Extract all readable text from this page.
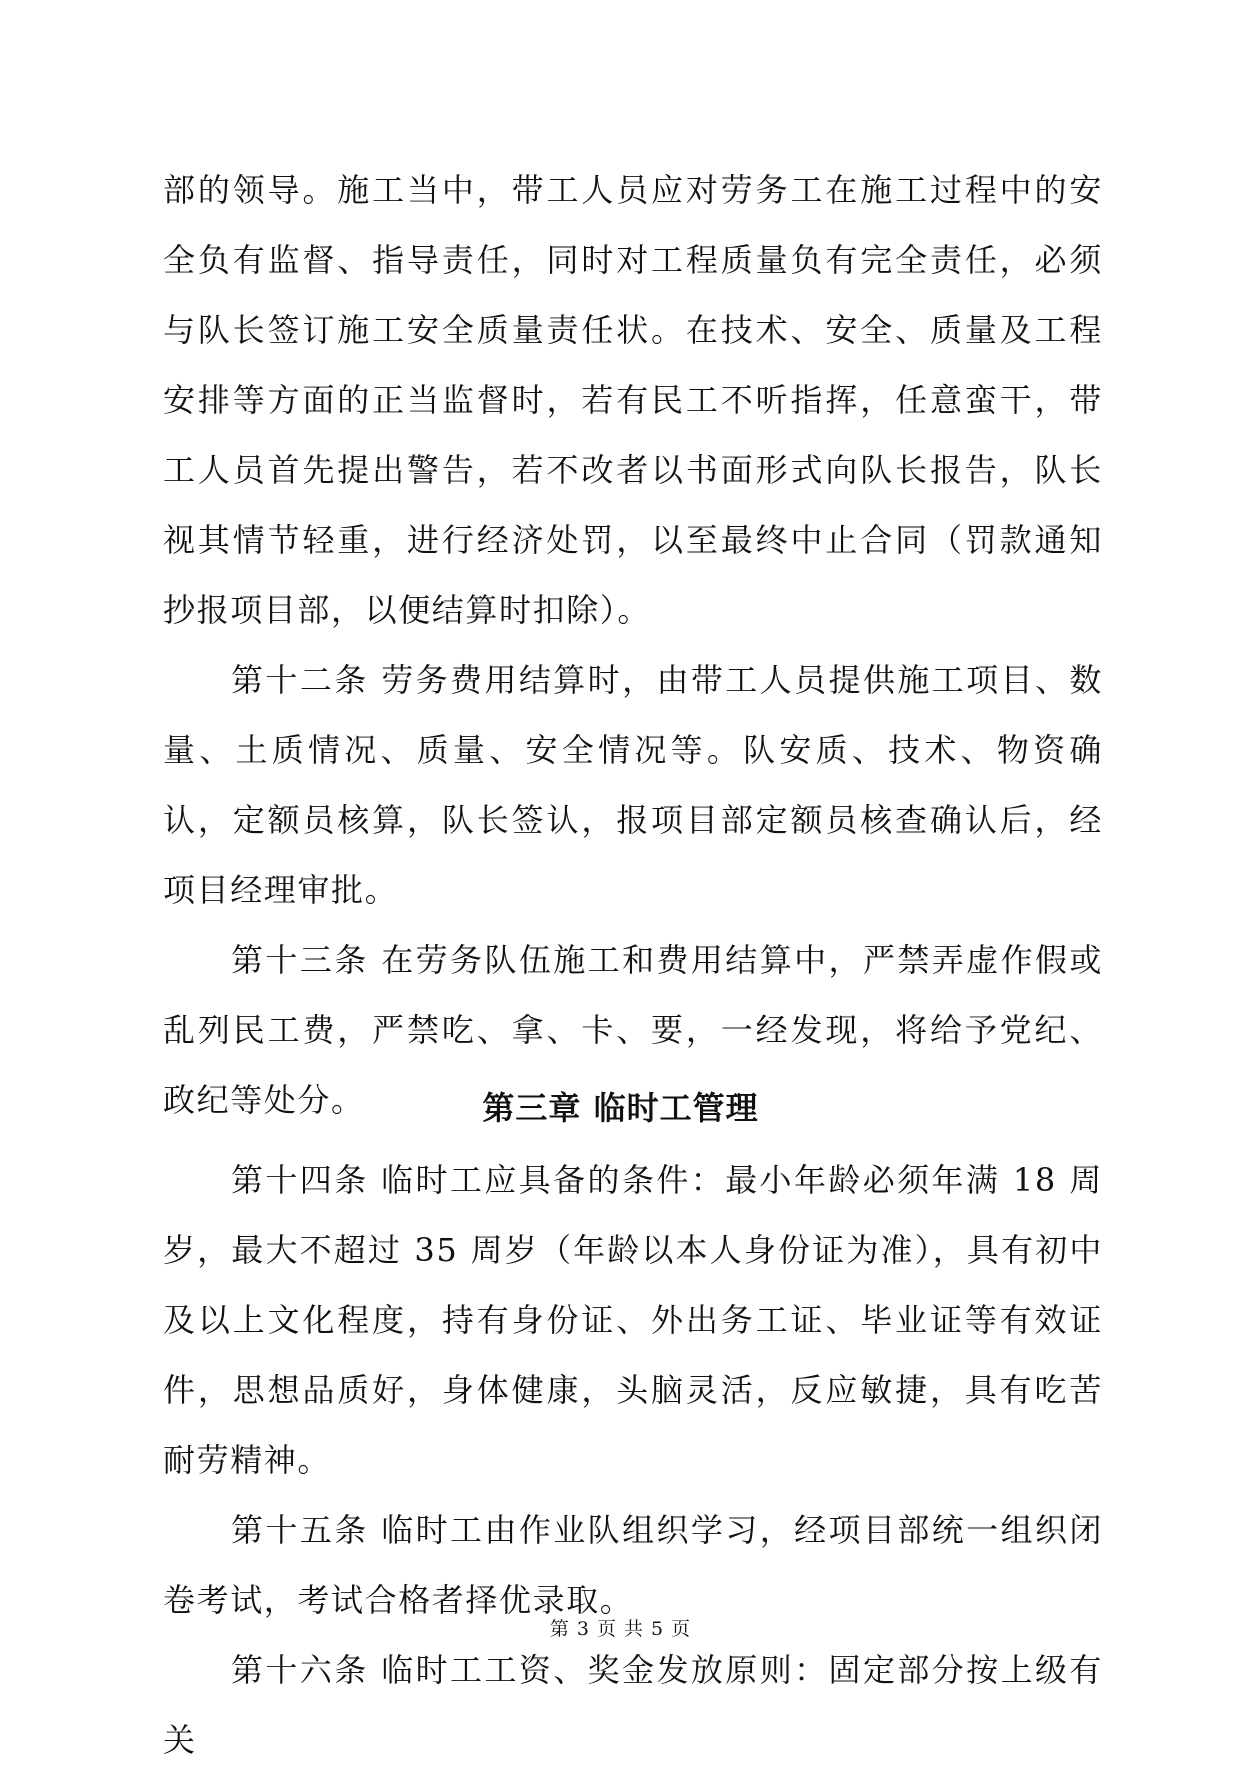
部的领导。施工当中，带工人员应对劳务工在施工过程中的安全负有监督、指导责任，同时对工程质量负有完全责任，必须与队长签订施工安全质量责任状。在技术、安全、质量及工程安排等方面的正当监督时，若有民工不听指挥，任意蛮干，带工人员首先提出警告，若不改者以书面形式向队长报告，队长视其情节轻重，进行经济处罚，以至最终中止合同（罚款通知抄报项目部，以便结算时扣除）。

第十二条 劳务费用结算时，由带工人员提供施工项目、数量、土质情况、质量、安全情况等。队安质、技术、物资确认，定额员核算，队长签认，报项目部定额员核查确认后，经项目经理审批。

第十三条 在劳务队伍施工和费用结算中，严禁弄虚作假或乱列民工费，严禁吃、拿、卡、要，一经发现，将给予党纪、政纪等处分。	第三章 临时工管理

第十四条 临时工应具备的条件：最小年龄必须年满 18 周岁，最大不超过 35 周岁（年龄以本人身份证为准），具有初中及以上文化程度，持有身份证、外出务工证、毕业证等有效证件，思想品质好，身体健康，头脑灵活，反应敏捷，具有吃苦耐劳精神。

第十五条 临时工由作业队组织学习，经项目部统一组织闭卷考试，考试合格者择优录取。

第十六条 临时工工资、奖金发放原则：固定部分按上级有关

第 3 页 共 5 页
